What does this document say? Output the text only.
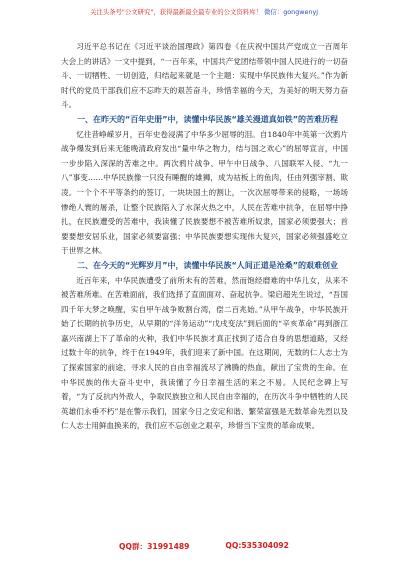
关注头条号"公文研究"，获得最新最全最专业的公文资料库！ 微信：gongwenyj

习近平总书记在《习近平谈治国理政》第四卷《在庆祝中国共产党成立一百周年大会上的讲话》一文中提到，“一百年来，中国共产党团结带领中国人民进行的一切奋斗、一切牺牲、一切创造，归结起来就是一个主题：实现中华民族伟大复兴。”作为新时代的党员干部我们应不忘昨天的艰苦奋斗，珍惜幸福的今天，为美好的明天努力奋斗。

一、在昨天的“百年史册”中，读懂中华民族“雄关漫道真如铁”的苦难历程

忆往昔峥嵘岁月，百年史卷浸满了中华多少屈辱的泪。自1840年中英第一次鸦片战争爆发到后来无能晚清政府发出“量中华之物力，结与国之欢心”的屈辱宣言，中国一步步陷入深深的苦难之中。两次鸦片战争、甲午中日战争、八国联军入侵、“九一八”事变……中华民族像一只没有睡醒的雄狮，成为祜板上的鱼肉，任由列强宰割、欺凌。一个个不平等条约的签订，一块块国土的割让，一次次屈辱带来的侵略，一场场惨绝人寰的屠杀，让整个民族陷入了水深火热之中，人民在苦难中抗争，在屈辱中挣扎，在民族遭受的苦难中，我读懂了民族要想不被苦难所奴隶，国家必须要强大；首要要想安居乐业，国家必须要富强；中华民族要想实现伟大复兴，国家必须强盛屹立于世界之林。

二、在今天的“光辉岁月”中，读懂中华民族“人间正道是沧桑”的艰难创业

近百年来，中华民族遭受了前所未有的苦难，然而饱经磨难的中华儿女，从来不被苦难所难。在苦难面前，我们选择了直面面对、奋起抗争。梁启超先生说过，“吾国四千年大梦之唤醒，实自甲午战争败割台湾，偿二百兆始。”从甲午战争，中华民族开始了长期的抗争历史，从早期的“洋务运动”“戊戌变法”到后面的“辛亥革命”再到浙江嘉兴南湖上下了革命的火种，我们中华民族才真正找到了适合自身的思想道路，又经过数十年的抗争，终于在1949年，我们迎来了新中国。在这期间，无数的仁人志士为了探索国家的前途、寻求人民的自由幸福流尽了沸腾的热血，献出了宝贵的生命。在中华民族的伟大奋斗史中，我读懂了今日幸福生活的来之不易。人民纪念碑上写着，“为了反抗内外敌人，争取民族独立和人民自由幸福的，在历次斗争中牺牲的人民英雄们永垂不朽”是在警示我们，国家今日之安定和谐、繁荣富强是无数革命先烈以及仁人志士用鲜血换来的，我们应不忘创业之艰辛，珍惜当下宝贵的革命成果。

QQ群：31991489	QQ:535304092
